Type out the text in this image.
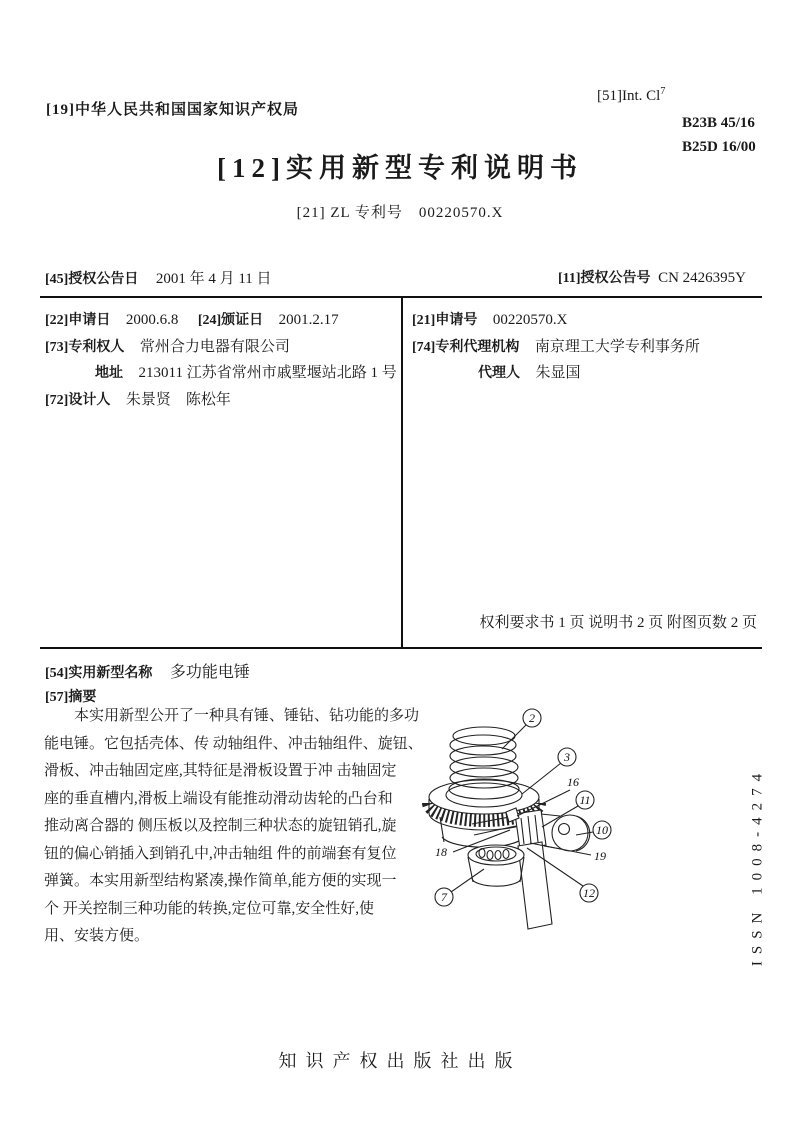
[19]中华人民共和国国家知识产权局
[51]Int. Cl$^7$
B23B 45/16
B25D 16/00
[12]实用新型专利说明书
[21] ZL 专利号　00220570.X
[45]授权公告日 2001 年 4 月 11 日	[11]授权公告号 CN 2426395Y
[22]申请日 2000.6.8 [24]颁证日 2001.2.17
[73]专利权人 常州合力电器有限公司
地址 213011 江苏省常州市戚墅堰站北路 1 号
[72]设计人 朱景贤　陈松年
[21]申请号 00220570.X
[74]专利代理机构 南京理工大学专利事务所
代理人 朱显国
权利要求书 1 页 说明书 2 页 附图页数 2 页
[54]实用新型名称 多功能电锤
[57]摘要
本实用新型公开了一种具有锤、锤钻、钻功能的多功
能电锤。它包括壳体、传 动轴组件、冲击轴组件、旋钮、
滑板、冲击轴固定座,其特征是滑板设置于冲 击轴固定
座的垂直槽内,滑板上端设有能推动滑动齿轮的凸台和
推动离合器的 侧压板以及控制三种状态的旋钮销孔,旋
钮的偏心销插入到销孔中,冲击轴组 件的前端套有复位
弹簧。本实用新型结构紧凑,操作简单,能方便的实现一
个 开关控制三种功能的转换,定位可靠,安全性好,使
用、安装方便。
2
3
16
11
10
19
12
18
7	ISSN 1008-4274
知识产权出版社出版
